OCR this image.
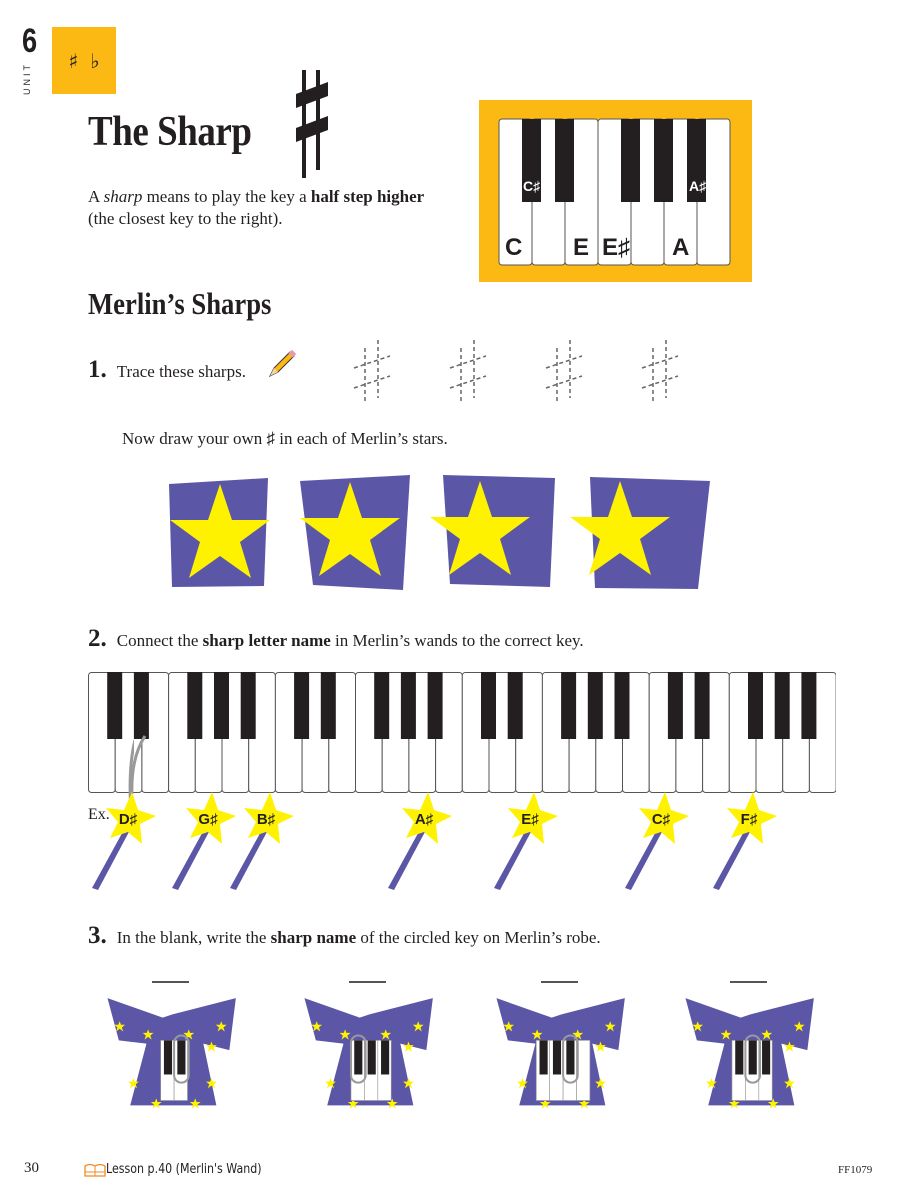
6
UNIT
♯ ♭
The Sharp
A sharp means to play the key a half step higher
(the closest key to the right).
C♯	A♯
C E E♯ A
Merlin’s Sharps
1. Trace these sharps.
Now draw your own ♯ in each of Merlin’s stars.
2. Connect the sharp letter name in Merlin’s wands to the correct key.
Ex. D♯	G♯	B♯	A♯	E♯	C♯	F♯
3. In the blank, write the sharp name of the circled key on Merlin’s robe.
30	Lesson p.40 (Merlin's Wand)	FF1079
